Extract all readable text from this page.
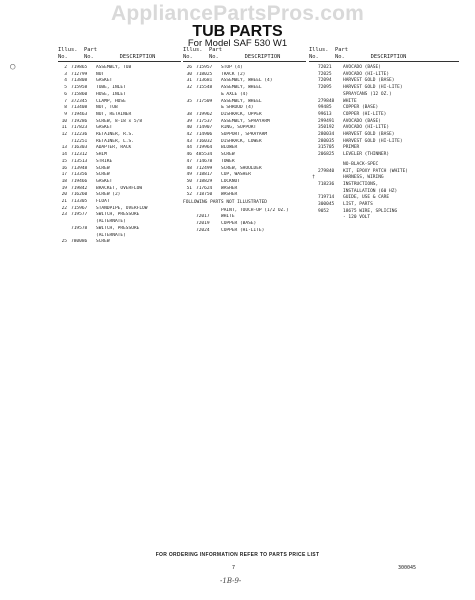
AppliancePartsPros.com
TUB PARTS
For Model SAF 530 W1
○
Illus.  Part
No.     No.        DESCRIPTION
2 719865	ASSEMBLY, TUB
3 712799	NUT
4 713808	GASKET
5 715958	TUBE, INLET
6 715860	HOSE, INLET
7 372345	CLAMP, HOSE
8 713408	NUT, TUB
9 719463	NUT, RETAINER
10 719286	SCREW, 8-18 x 5/8
11 717823	GASKET
12 712236	RETAINER, R.S.
712251	RETAINER, L.S.
13 716303	ADAPTER, RACK
14 712312	SHIM
15 713513	STRIKE
16 713948	SCREW
17 713356	SCREW
18 719466	GASKET
19 719842	BRACKET, OVERFLOW
20 716260	SCREW (2)
21 713305	FLOAT
22 715967	STANDPIPE, OVERFLOW
23 719577	SWITCH, PRESSURE
(ALTERNATE)
719578	SWITCH, PRESSURE
(ALTERNATE)
25 780086	SCREW
Illus.  Part
No.     No.        DESCRIPTION
26 715957	STOP (4)
30 718025	TRACK (2)
31 713681	ASSEMBLY, WHEEL (4)
32 715548	ASSEMBLY, WHEEL
& AXLE (4)
35 717509	ASSEMBLY, WHEEL
& SHROUD (4)
38 719962	DISHRACK, UPPER
39 717537	ASSEMBLY, SPRAYARM
40 714907	RING, SUPPORT
42 714906	SUPPORT, SPRAYARM
43 716032	DISHRACK, LOWER
44 719964	BLOWER
46 485534	SCREW
47 714678	TOWER
48 712499	SCREW, SHOULDER
49 718817	CUP, WASHER
50 718829	LOCKNUT
51 717624	WASHER
52 718750	WASHER
FOLLOWING PARTS NOT ILLUSTRATED
PAINT, TOUCH-UP (1/2 OZ.)
72017	WHITE
72019	COPPER (BASE)
72024	COPPER (HI-LITE)
Illus.  Part
No.     No.        DESCRIPTION
72021	AVOCADO (BASE)
72025	AVOCADO (HI-LITE)
72094	HARVEST GOLD (BASE)
72095	HARVEST GOLD (HI-LITE)
SPRAYCANS (12 OZ.)
279848	WHITE
99485	COPPER (BASE)
99613	COPPER (HI-LITE)
299491	AVOCADO (BASE)
350192	AVOCADO (HI-LITE)
280034	HARVEST GOLD (BASE)
280035	HARVEST GOLD (HI-LITE)
315705	PRIMER
206825	LEVELER (THINNER)
NO-BLACK-SPEC
279840	KIT, EPOXY PATCH (WHITE)
†	HARNESS, WIRING
718236	INSTRUCTIONS,
INSTALLATION (60 HZ)
719714	GUIDE, USE & CARE
300045	LIST, PARTS
9052	18675 WIRE, SPLICING
- 120 VOLT
FOR ORDERING INFORMATION REFER TO PARTS PRICE LIST
7	300045
-1B-9-
